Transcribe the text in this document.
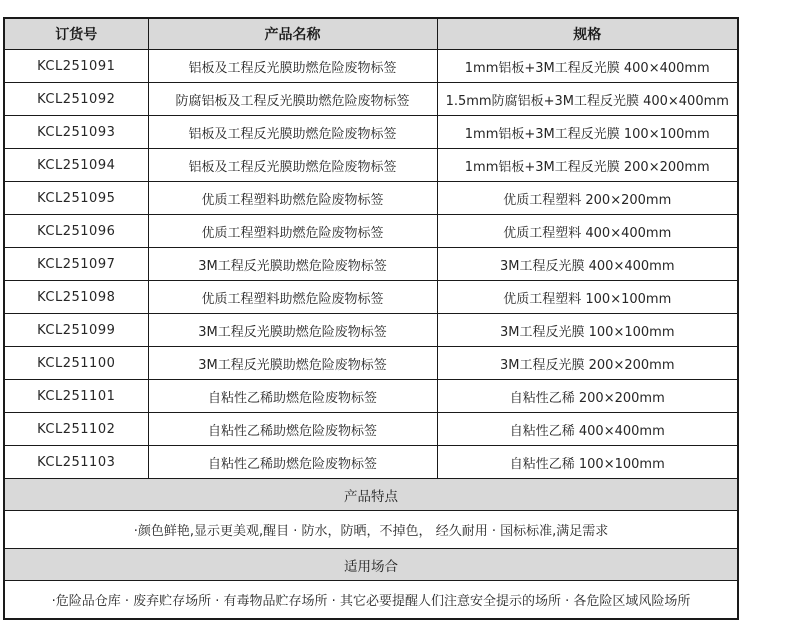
订货号	产品名称	规格
KCL251091	铝板及工程反光膜助燃危险废物标签	1mm铝板+3M工程反光膜 400×400mm
KCL251092	防腐铝板及工程反光膜助燃危险废物标签	1.5mm防腐铝板+3M工程反光膜 400×400mm
KCL251093	铝板及工程反光膜助燃危险废物标签	1mm铝板+3M工程反光膜 100×100mm
KCL251094	铝板及工程反光膜助燃危险废物标签	1mm铝板+3M工程反光膜 200×200mm
KCL251095	优质工程塑料助燃危险废物标签	优质工程塑料 200×200mm
KCL251096	优质工程塑料助燃危险废物标签	优质工程塑料 400×400mm
KCL251097	3M工程反光膜助燃危险废物标签	3M工程反光膜 400×400mm
KCL251098	优质工程塑料助燃危险废物标签	优质工程塑料 100×100mm
KCL251099	3M工程反光膜助燃危险废物标签	3M工程反光膜 100×100mm
KCL251100	3M工程反光膜助燃危险废物标签	3M工程反光膜 200×200mm
KCL251101	自粘性乙稀助燃危险废物标签	自粘性乙稀 200×200mm
KCL251102	自粘性乙稀助燃危险废物标签	自粘性乙稀 400×400mm
KCL251103	自粘性乙稀助燃危险废物标签	自粘性乙稀 100×100mm
产品特点		
·颜色鲜艳,显示更美观,醒目 · 防水，防晒，不掉色， 经久耐用 · 国标标准,满足需求		
适用场合		
·危险品仓库 · 废弃贮存场所 · 有毒物品贮存场所 · 其它必要提醒人们注意安全提示的场所 · 各危险区域风险场所		
